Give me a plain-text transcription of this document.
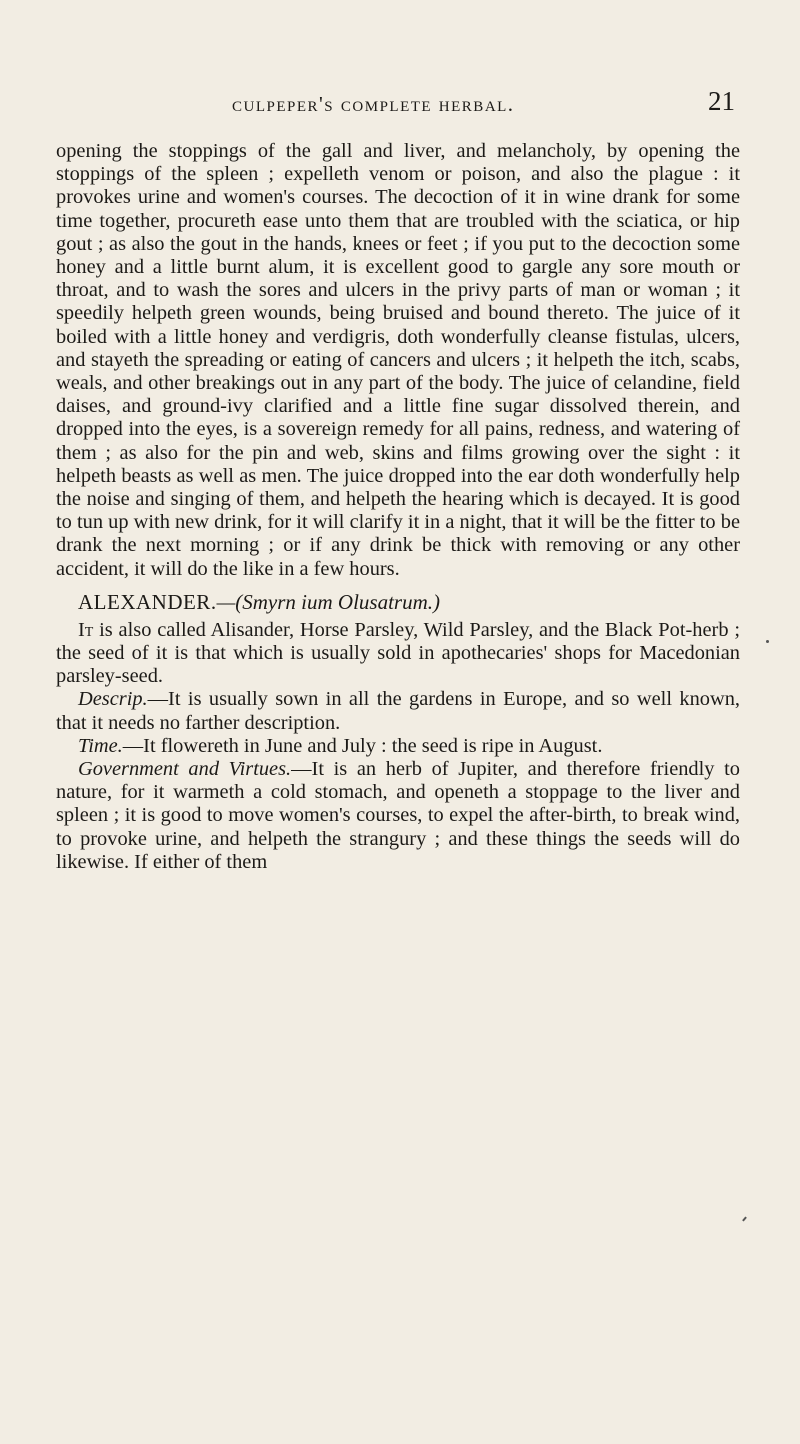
culpeper's complete herbal.	21

opening the stoppings of the gall and liver, and melancholy, by opening the stoppings of the spleen ; expelleth venom or poison, and also the plague : it provokes urine and women's courses. The decoction of it in wine drank for some time together, procureth ease unto them that are troubled with the sciatica, or hip gout ; as also the gout in the hands, knees or feet ; if you put to the decoction some honey and a little burnt alum, it is excellent good to gargle any sore mouth or throat, and to wash the sores and ulcers in the privy parts of man or woman ; it speedily helpeth green wounds, being bruised and bound thereto. The juice of it boiled with a little honey and verdigris, doth wonderfully cleanse fistulas, ulcers, and stayeth the spreading or eating of cancers and ulcers ; it helpeth the itch, scabs, weals, and other breakings out in any part of the body. The juice of celandine, field daises, and ground-ivy clarified and a little fine sugar dissolved therein, and dropped into the eyes, is a sovereign remedy for all pains, redness, and watering of them ; as also for the pin and web, skins and films growing over the sight : it helpeth beasts as well as men. The juice dropped into the ear doth wonderfully help the noise and singing of them, and helpeth the hearing which is decayed. It is good to tun up with new drink, for it will clarify it in a night, that it will be the fitter to be drank the next morning ; or if any drink be thick with removing or any other accident, it will do the like in a few hours.

ALEXANDER.—(Smyrn ium Olusatrum.)

It is also called Alisander, Horse Parsley, Wild Parsley, and the Black Pot-herb ; the seed of it is that which is usually sold in apothecaries' shops for Macedonian parsley-seed.

Descrip.—It is usually sown in all the gardens in Europe, and so well known, that it needs no farther description.

Time.—It flowereth in June and July : the seed is ripe in August.

Government and Virtues.—It is an herb of Jupiter, and therefore friendly to nature, for it warmeth a cold stomach, and openeth a stoppage to the liver and spleen ; it is good to move women's courses, to expel the after-birth, to break wind, to provoke urine, and helpeth the strangury ; and these things the seeds will do likewise. If either of them
